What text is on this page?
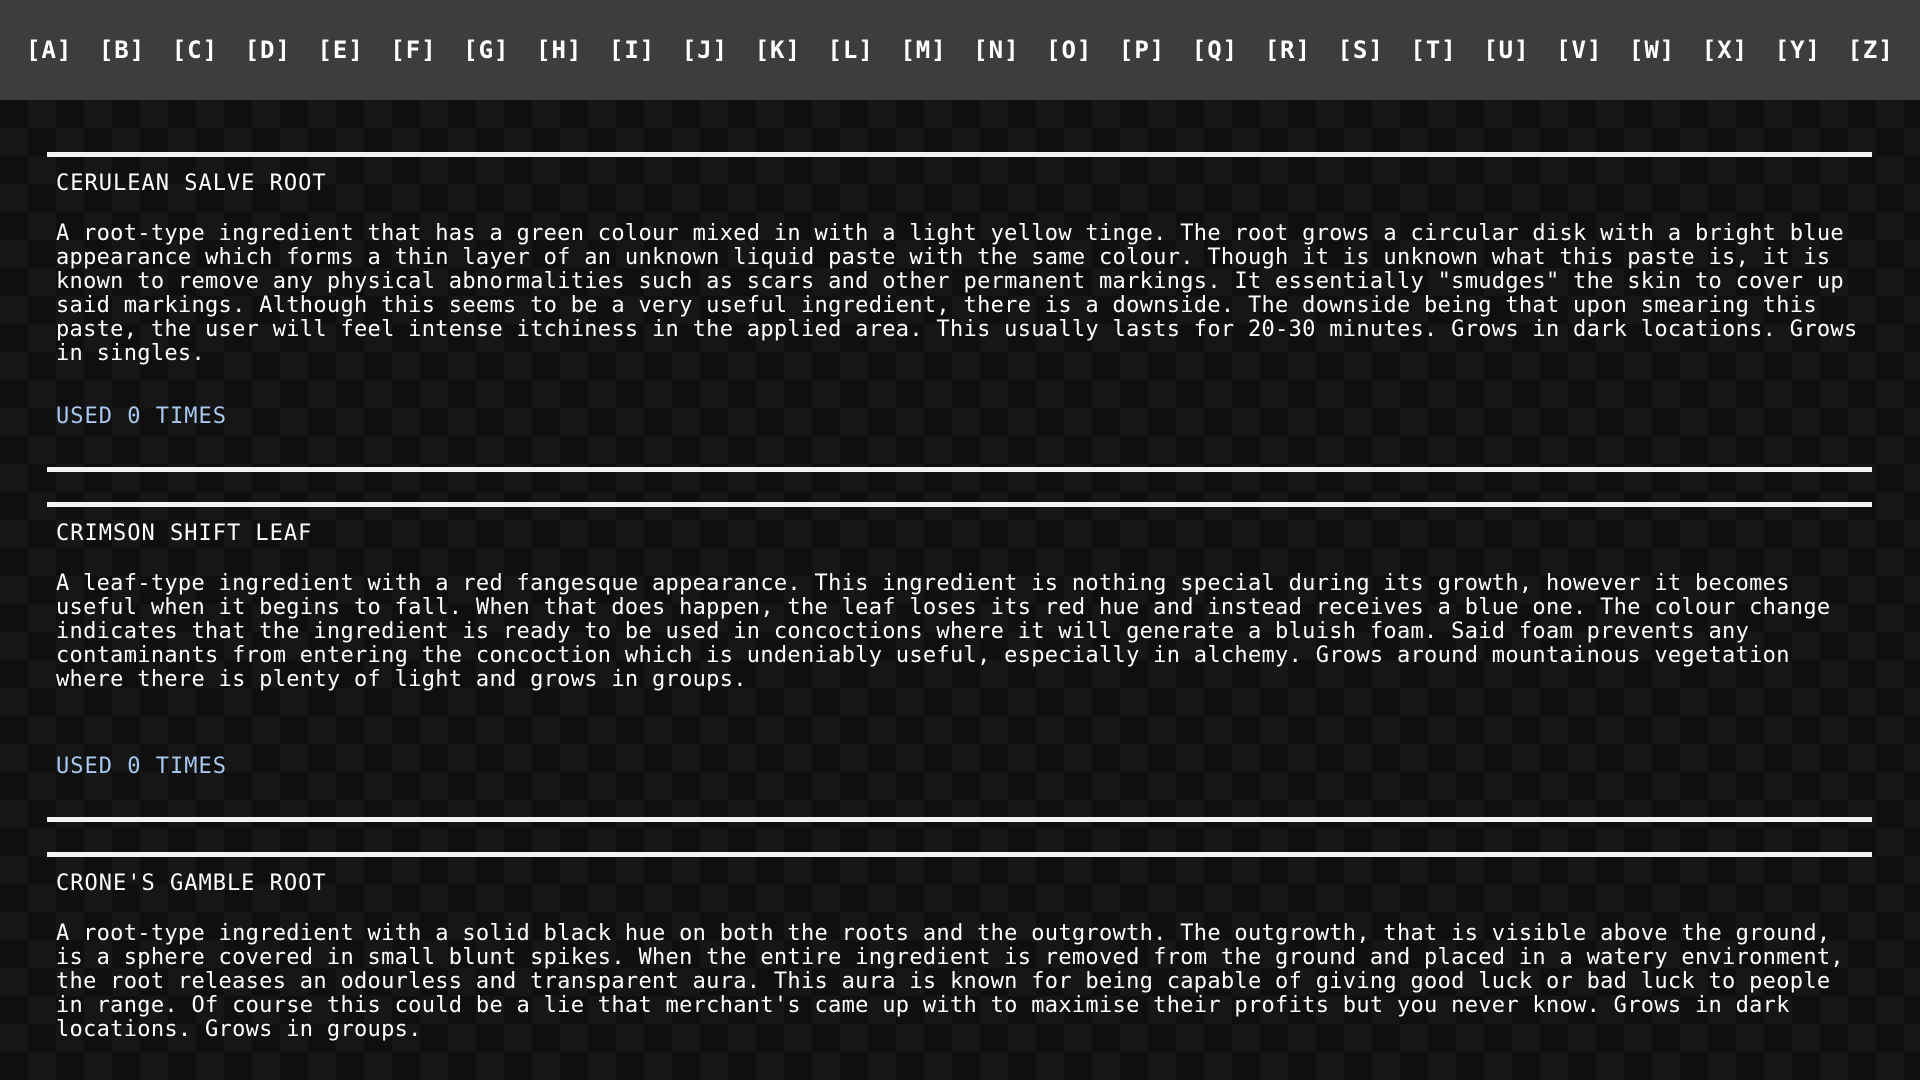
[A] [B] [C] [D] [E] [F] [G] [H] [I] [J] [K] [L] [M] [N] [O] [P] [Q] [R] [S] [T] [U] [V] [W] [X] [Y] [Z]
CERULEAN SALVE ROOT

A root-type ingredient that has a green colour mixed in with a light yellow tinge. The root grows a circular disk with a bright blue appearance which forms a thin layer of an unknown liquid paste with the same colour. Though it is unknown what this paste is, it is known to remove any physical abnormalities such as scars and other permanent markings. It essentially "smudges" the skin to cover up said markings. Although this seems to be a very useful ingredient, there is a downside. The downside being that upon smearing this paste, the user will feel intense itchiness in the applied area. This usually lasts for 20-30 minutes. Grows in dark locations. Grows in singles.

USED 0 TIMES
CRIMSON SHIFT LEAF

A leaf-type ingredient with a red fangesque appearance. This ingredient is nothing special during its growth, however it becomes useful when it begins to fall. When that does happen, the leaf loses its red hue and instead receives a blue one. The colour change indicates that the ingredient is ready to be used in concoctions where it will generate a bluish foam. Said foam prevents any contaminants from entering the concoction which is undeniably useful, especially in alchemy. Grows around mountainous vegetation where there is plenty of light and grows in groups.

USED 0 TIMES
CRONE'S GAMBLE ROOT

A root-type ingredient with a solid black hue on both the roots and the outgrowth. The outgrowth, that is visible above the ground, is a sphere covered in small blunt spikes. When the entire ingredient is removed from the ground and placed in a watery environment, the root releases an odourless and transparent aura. This aura is known for being capable of giving good luck or bad luck to people in range. Of course this could be a lie that merchant's came up with to maximise their profits but you never know. Grows in dark locations. Grows in groups.
